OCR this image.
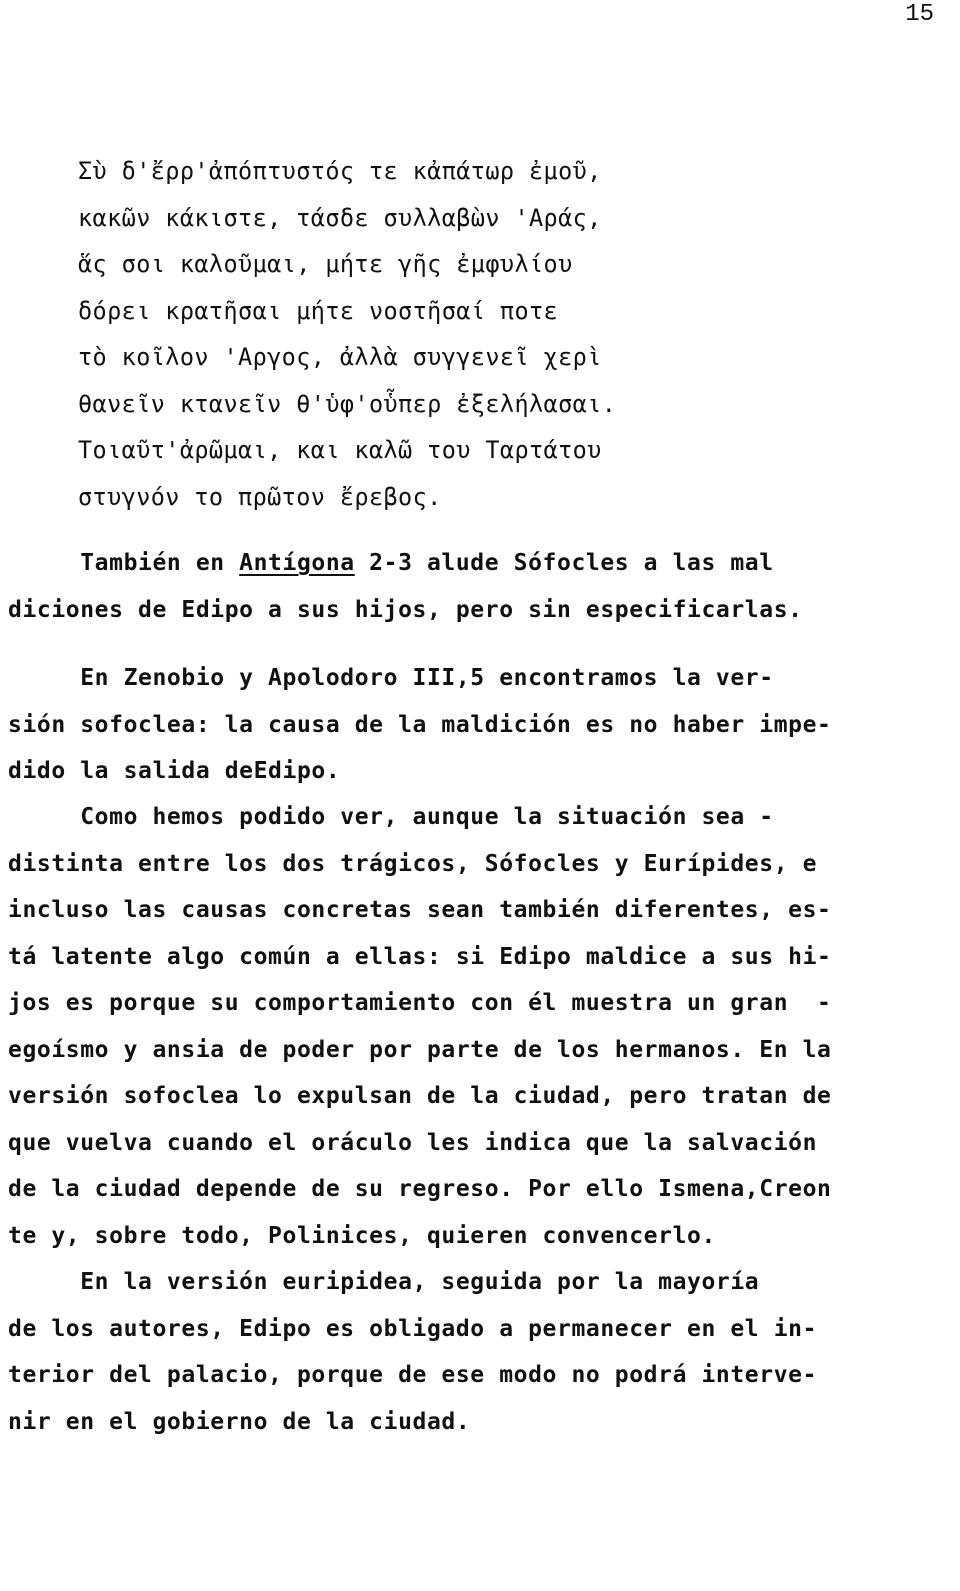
15
Σὺ δ'ἔρρ'ἀπόπτυστός τε κἀπάτωρ ἐμοῦ,
κακῶν κάκιστε, τάσδε συλλαβὼν 'Αράς,
ἅς σοι καλοῦμαι, μήτε γῆς ἐμφυλίου
δόρει κρατῆσαι μήτε νοστῆσαί ποτε
τὸ κοῖλον 'Αργος, ἀλλὰ συγγενεῖ χερὶ
θανεῖν κτανεῖν θ'ὑφ'οὗπερ ἐξελήλασαι.
Τοιαῦτ'ἀρῶμαι, και καλῶ του Ταρτάτου
στυγνόν το πρῶτον ἔρεβος.
También en Antígona 2-3 alude Sófocles a las mal
diciones de Edipo a sus hijos, pero sin especificarlas.
En Zenobio y Apolodoro III,5 encontramos la ver-
sión sofoclea: la causa de la maldición es no haber impe-
dido la salida deEdipo.
Como hemos podido ver, aunque la situación sea -
distinta entre los dos trágicos, Sófocles y Eurípides, e
incluso las causas concretas sean también diferentes, es-
tá latente algo común a ellas: si Edipo maldice a sus hi-
jos es porque su comportamiento con él muestra un gran  -
egoísmo y ansia de poder por parte de los hermanos. En la
versión sofoclea lo expulsan de la ciudad, pero tratan de
que vuelva cuando el oráculo les indica que la salvación
de la ciudad depende de su regreso. Por ello Ismena,Creon
te y, sobre todo, Polinices, quieren convencerlo.
En la versión euripidea, seguida por la mayoría
de los autores, Edipo es obligado a permanecer en el in-
terior del palacio, porque de ese modo no podrá interve-
nir en el gobierno de la ciudad.
